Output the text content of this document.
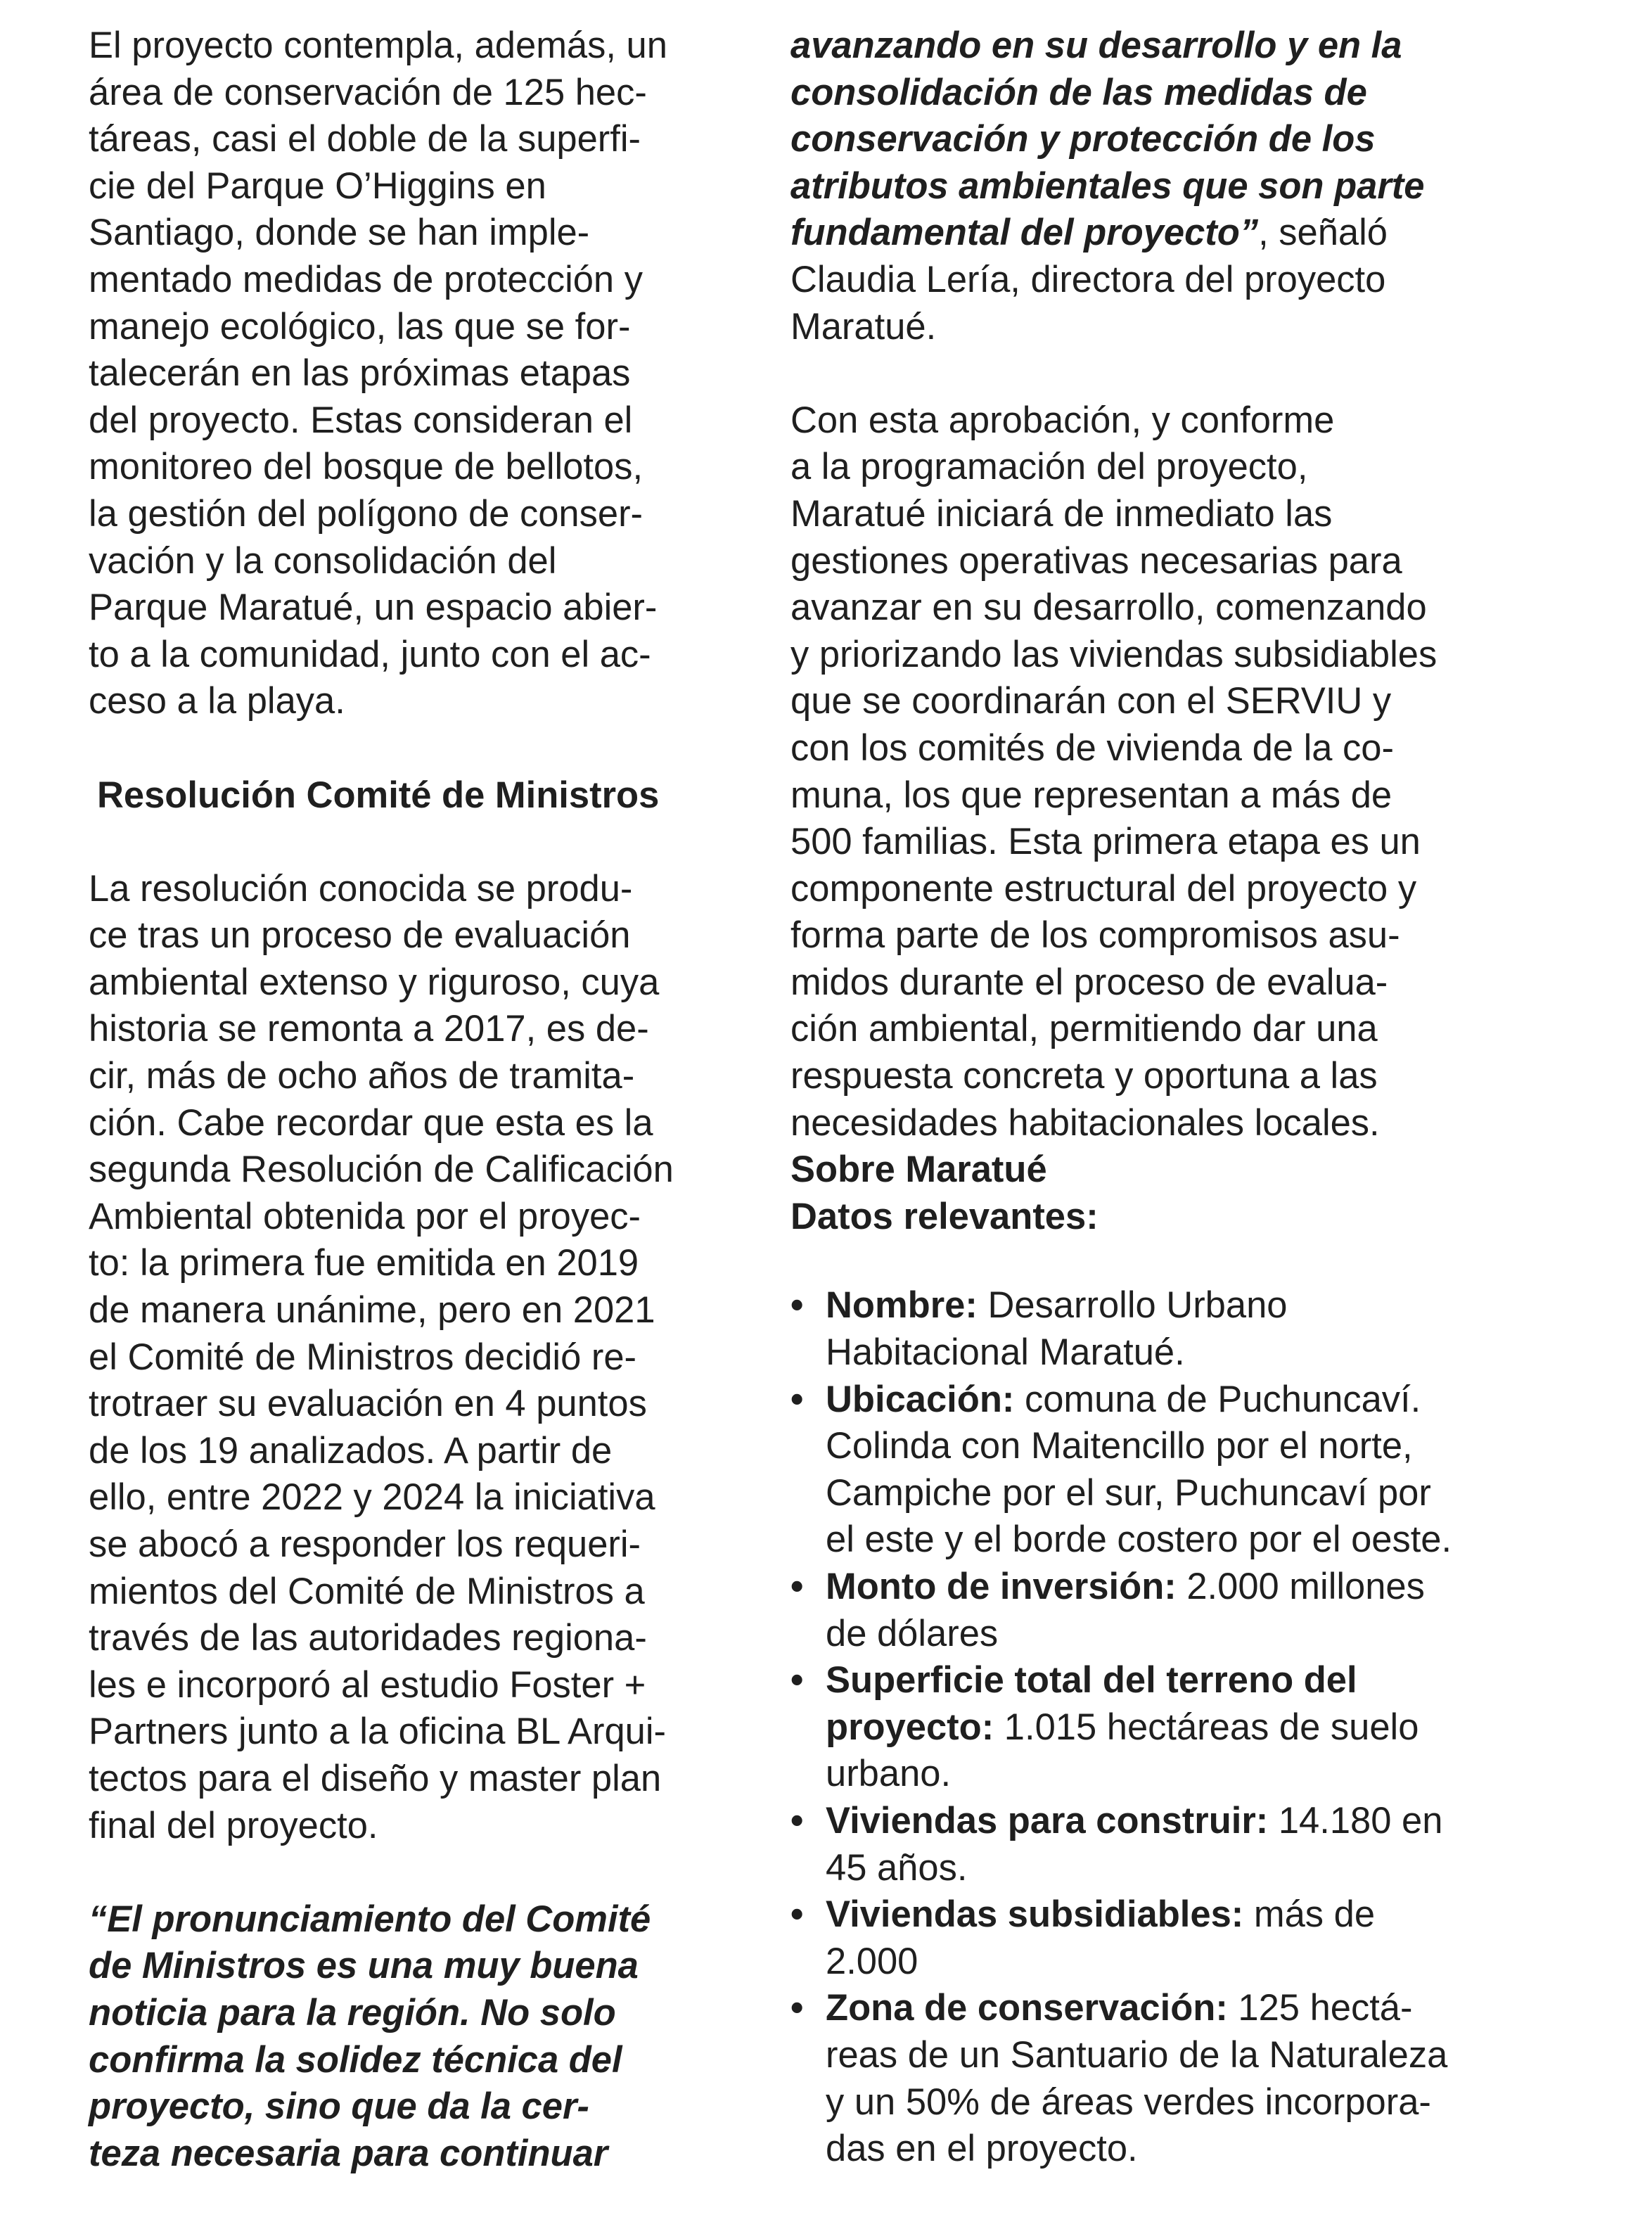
El proyecto contempla, además, un
área de conservación de 125 hec-
táreas, casi el doble de la superfi-
cie del Parque O’Higgins en
Santiago, donde se han imple-
mentado medidas de protección y
manejo ecológico, las que se for-
talecerán en las próximas etapas
del proyecto. Estas consideran el
monitoreo del bosque de bellotos,
la gestión del polígono de conser-
vación y la consolidación del
Parque Maratué, un espacio abier-
to a la comunidad, junto con el ac-
ceso a la playa.

Resolución Comité de Ministros

La resolución conocida se produ-
ce tras un proceso de evaluación
ambiental extenso y riguroso, cuya
historia se remonta a 2017, es de-
cir, más de ocho años de tramita-
ción. Cabe recordar que esta es la
segunda Resolución de Calificación
Ambiental obtenida por el proyec-
to: la primera fue emitida en 2019
de manera unánime, pero en 2021
el Comité de Ministros decidió re-
trotraer su evaluación en 4 puntos
de los 19 analizados. A partir de
ello, entre 2022 y 2024 la iniciativa
se abocó a responder los requeri-
mientos del Comité de Ministros a
través de las autoridades regiona-
les e incorporó al estudio Foster +
Partners junto a la oficina BL Arqui-
tectos para el diseño y master plan
final del proyecto.

“El pronunciamiento del Comité
de Ministros es una muy buena
noticia para la región. No solo
confirma la solidez técnica del
proyecto, sino que da la cer-
teza necesaria para continuar

avanzando en su desarrollo y en la
consolidación de las medidas de
conservación y protección de los
atributos ambientales que son parte
fundamental del proyecto”, señaló
Claudia Lería, directora del proyecto
Maratué.

Con esta aprobación, y conforme
a la programación del proyecto,
Maratué iniciará de inmediato las
gestiones operativas necesarias para
avanzar en su desarrollo, comenzando
y priorizando las viviendas subsidiables
que se coordinarán con el SERVIU y
con los comités de vivienda de la co-
muna, los que representan a más de
500 familias. Esta primera etapa es un
componente estructural del proyecto y
forma parte de los compromisos asu-
midos durante el proceso de evalua-
ción ambiental, permitiendo dar una
respuesta concreta y oportuna a las
necesidades habitacionales locales.

Sobre Maratué

Datos relevantes:

• Nombre: Desarrollo Urbano
Habitacional Maratué.
• Ubicación: comuna de Puchuncaví.
Colinda con Maitencillo por el norte,
Campiche por el sur, Puchuncaví por
el este y el borde costero por el oeste.
• Monto de inversión: 2.000 millones
de dólares
• Superficie total del terreno del
proyecto: 1.015 hectáreas de suelo
urbano.
• Viviendas para construir: 14.180 en
45 años.
• Viviendas subsidiables: más de
2.000
• Zona de conservación: 125 hectá-
reas de un Santuario de la Naturaleza
y un 50% de áreas verdes incorpora-
das en el proyecto.
